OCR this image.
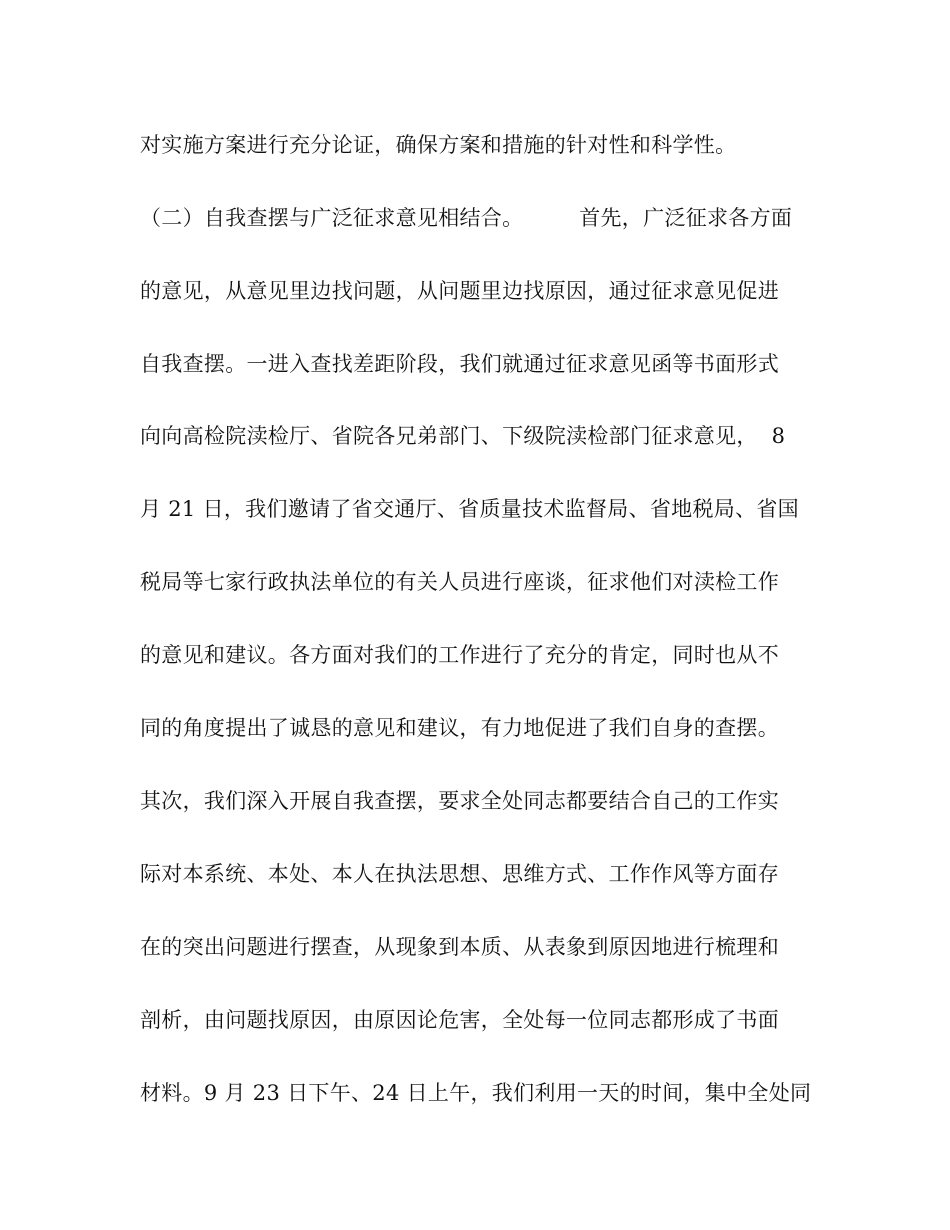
对实施方案进行充分论证，确保方案和措施的针对性和科学性。
（二）自我查摆与广泛征求意见相结合。        首先，广泛征求各方面
的意见，从意见里边找问题，从问题里边找原因，通过征求意见促进
自我查摆。一进入查找差距阶段，我们就通过征求意见函等书面形式
向向高检院渎检厅、省院各兄弟部门、下级院渎检部门征求意见，  8
月 21 日，我们邀请了省交通厅、省质量技术监督局、省地税局、省国
税局等七家行政执法单位的有关人员进行座谈，征求他们对渎检工作
的意见和建议。各方面对我们的工作进行了充分的肯定，同时也从不
同的角度提出了诚恳的意见和建议，有力地促进了我们自身的查摆。
其次，我们深入开展自我查摆，要求全处同志都要结合自己的工作实
际对本系统、本处、本人在执法思想、思维方式、工作作风等方面存
在的突出问题进行摆查，从现象到本质、从表象到原因地进行梳理和
剖析，由问题找原因，由原因论危害，全处每一位同志都形成了书面
材料。9 月 23 日下午、24 日上午，我们利用一天的时间，集中全处同
